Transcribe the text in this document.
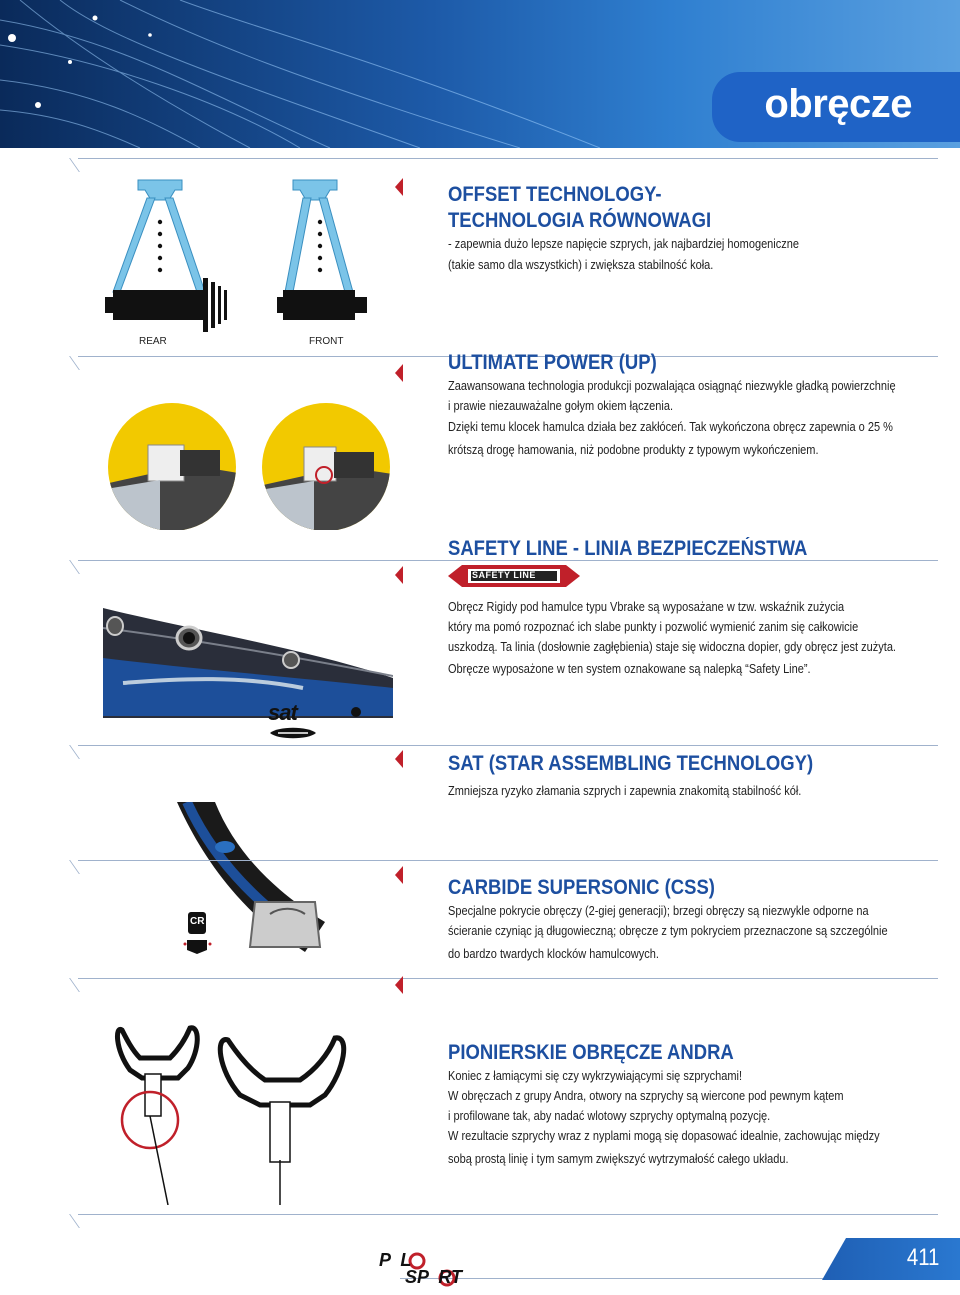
obręcze
REAR	FRONT
OFFSET TECHNOLOGY-
TECHNOLOGIA RÓWNOWAGI
- zapewnia dużo lepsze napięcie szprych, jak najbardziej homogeniczne
(takie samo dla wszystkich) i zwiększa stabilność koła.
ULTIMATE POWER (UP)
Zaawansowana technologia produkcji pozwalająca osiągnąć niezwykle gładką powierzchnię
i prawie niezauważalne gołym okiem łączenia.
Dzięki temu klocek hamulca działa bez zakłóceń. Tak wykończona obręcz zapewnia o 25 %
krótszą drogę hamowania, niż podobne produkty z typowym wykończeniem.
sat
SAFETY LINE - LINIA BEZPIECZEŃSTWA
SAFETY LINE
Obręcz Rigidy pod hamulce typu Vbrake są wyposażane w tzw. wskaźnik zużycia
który ma pomó rozpoznać ich slabe punkty i pozwolić wymienić zanim się całkowicie
uszkodzą. Ta linia (dosłownie zagłębienia) staje się widoczna dopier, gdy obręcz jest zużyta.
Obręcze wyposażone w ten system oznakowane są nalepką “Safety Line”.
SAT (STAR ASSEMBLING TECHNOLOGY)
Zmniejsza ryzyko złamania szprych i zapewnia znakomitą stabilność kół.
CR
CARBIDE SUPERSONIC (CSS)
Specjalne pokrycie obręczy (2-giej generacji); brzegi obręczy są niezwykle odporne na
ścieranie czyniąc ją długowieczną; obręcze z tym pokryciem przeznaczone są szczególnie
do bardzo twardych klocków hamulcowych.
PIONIERSKIE OBRĘCZE ANDRA
Koniec z łamiącymi się czy wykrzywiającymi się szprychami!
W obręczach z grupy Andra, otwory na szprychy są wiercone pod pewnym kątem
i profilowane tak, aby nadać wlotowy szprychy optymalną pozycję.
W rezultacie szprychy wraz z nyplami mogą się dopasować idealnie, zachowując między
sobą prostą linię i tym samym zwiększyć wytrzymałość całego układu.
P  L
SP  RT
411
